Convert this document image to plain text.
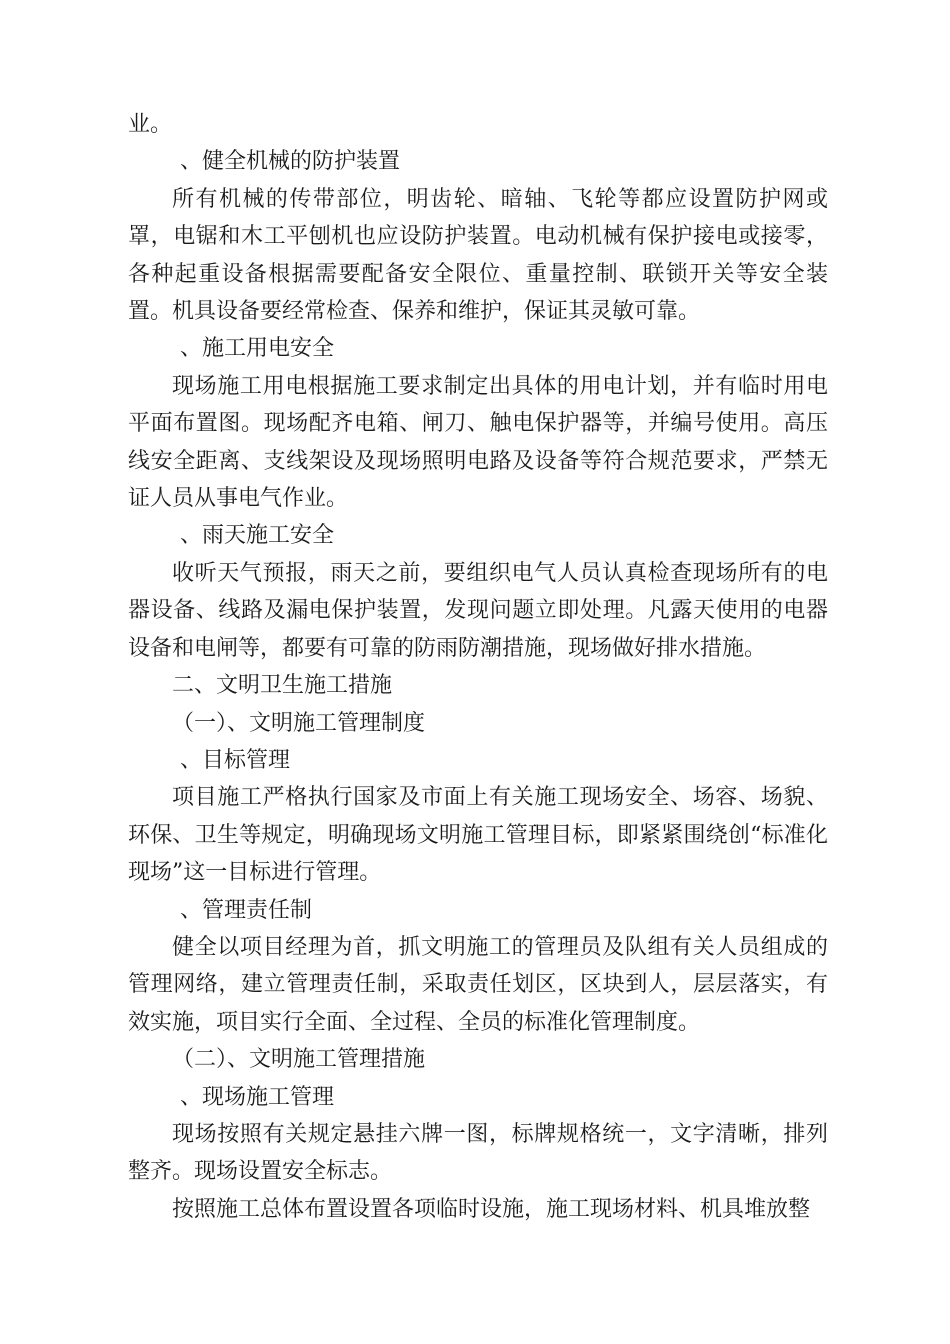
业。

、健全机械的防护装置

所有机械的传带部位，明齿轮、暗轴、飞轮等都应设置防护网或罩，电锯和木工平刨机也应设防护装置。电动机械有保护接电或接零，各种起重设备根据需要配备安全限位、重量控制、联锁开关等安全装置。机具设备要经常检查、保养和维护，保证其灵敏可靠。

、施工用电安全

现场施工用电根据施工要求制定出具体的用电计划，并有临时用电平面布置图。现场配齐电箱、闸刀、触电保护器等，并编号使用。高压线安全距离、支线架设及现场照明电路及设备等符合规范要求，严禁无证人员从事电气作业。

、雨天施工安全

收听天气预报，雨天之前，要组织电气人员认真检查现场所有的电器设备、线路及漏电保护装置，发现问题立即处理。凡露天使用的电器设备和电闸等，都要有可靠的防雨防潮措施，现场做好排水措施。

二、文明卫生施工措施

（一）、文明施工管理制度

、目标管理

项目施工严格执行国家及市面上有关施工现场安全、场容、场貌、环保、卫生等规定，明确现场文明施工管理目标，即紧紧围绕创“标准化现场”这一目标进行管理。

、管理责任制

健全以项目经理为首，抓文明施工的管理员及队组有关人员组成的管理网络，建立管理责任制，采取责任划区，区块到人，层层落实，有效实施，项目实行全面、全过程、全员的标准化管理制度。

（二）、文明施工管理措施

、现场施工管理

现场按照有关规定悬挂六牌一图，标牌规格统一，文字清晰，排列整齐。现场设置安全标志。

按照施工总体布置设置各项临时设施，施工现场材料、机具堆放整
